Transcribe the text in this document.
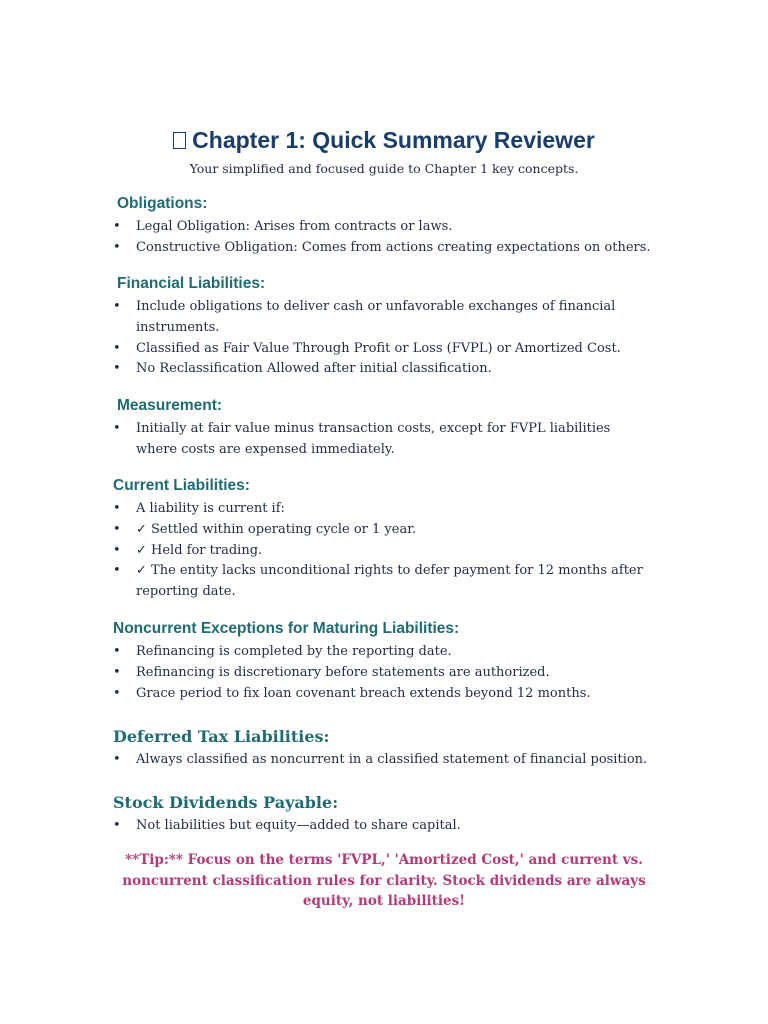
Chapter 1: Quick Summary Reviewer
Your simplified and focused guide to Chapter 1 key concepts.
Obligations:
• Legal Obligation: Arises from contracts or laws.
• Constructive Obligation: Comes from actions creating expectations on others.
Financial Liabilities:
• Include obligations to deliver cash or unfavorable exchanges of financial instruments.
• Classified as Fair Value Through Profit or Loss (FVPL) or Amortized Cost.
• No Reclassification Allowed after initial classification.
Measurement:
• Initially at fair value minus transaction costs, except for FVPL liabilities where costs are expensed immediately.
Current Liabilities:
• A liability is current if:
• ✓ Settled within operating cycle or 1 year.
• ✓ Held for trading.
• ✓ The entity lacks unconditional rights to defer payment for 12 months after reporting date.
Noncurrent Exceptions for Maturing Liabilities:
• Refinancing is completed by the reporting date.
• Refinancing is discretionary before statements are authorized.
• Grace period to fix loan covenant breach extends beyond 12 months.
Deferred Tax Liabilities:
• Always classified as noncurrent in a classified statement of financial position.
Stock Dividends Payable:
• Not liabilities but equity—added to share capital.
**Tip:** Focus on the terms 'FVPL,' 'Amortized Cost,' and current vs. noncurrent classification rules for clarity. Stock dividends are always equity, not liabilities!
